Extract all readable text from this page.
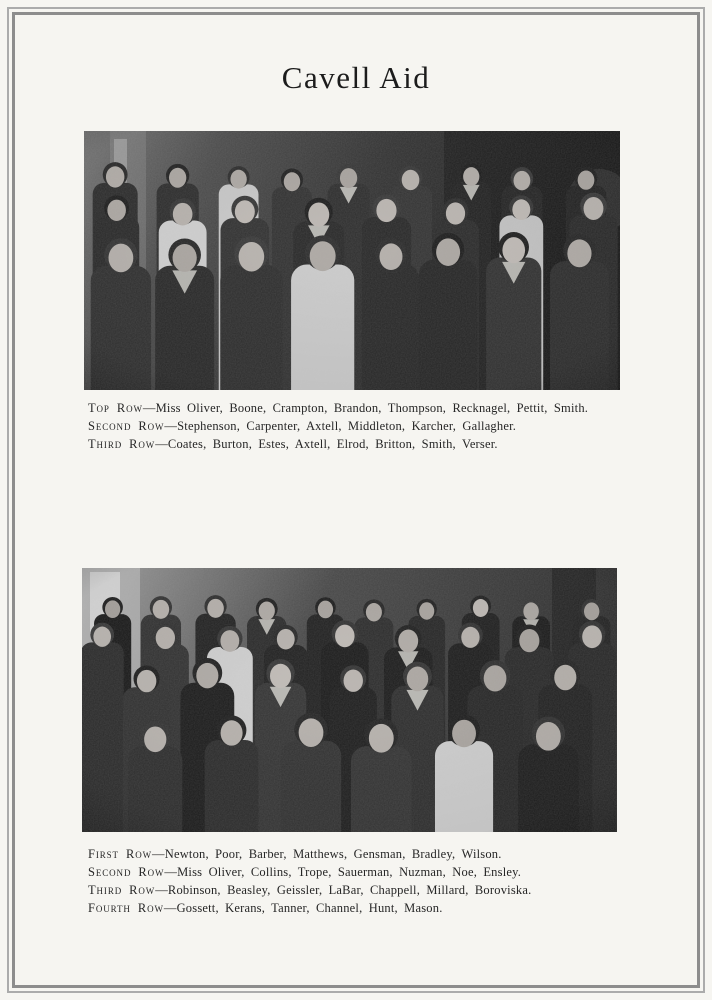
Cavell Aid
Top Row—Miss Oliver, Boone, Crampton, Brandon, Thompson, Recknagel, Pettit, Smith.
Second Row—Stephenson, Carpenter, Axtell, Middleton, Karcher, Gallagher.
Third Row—Coates, Burton, Estes, Axtell, Elrod, Britton, Smith, Verser.
First Row—Newton, Poor, Barber, Matthews, Gensman, Bradley, Wilson.
Second Row—Miss Oliver, Collins, Trope, Sauerman, Nuzman, Noe, Ensley.
Third Row—Robinson, Beasley, Geissler, LaBar, Chappell, Millard, Boroviska.
Fourth Row—Gossett, Kerans, Tanner, Channel, Hunt, Mason.
